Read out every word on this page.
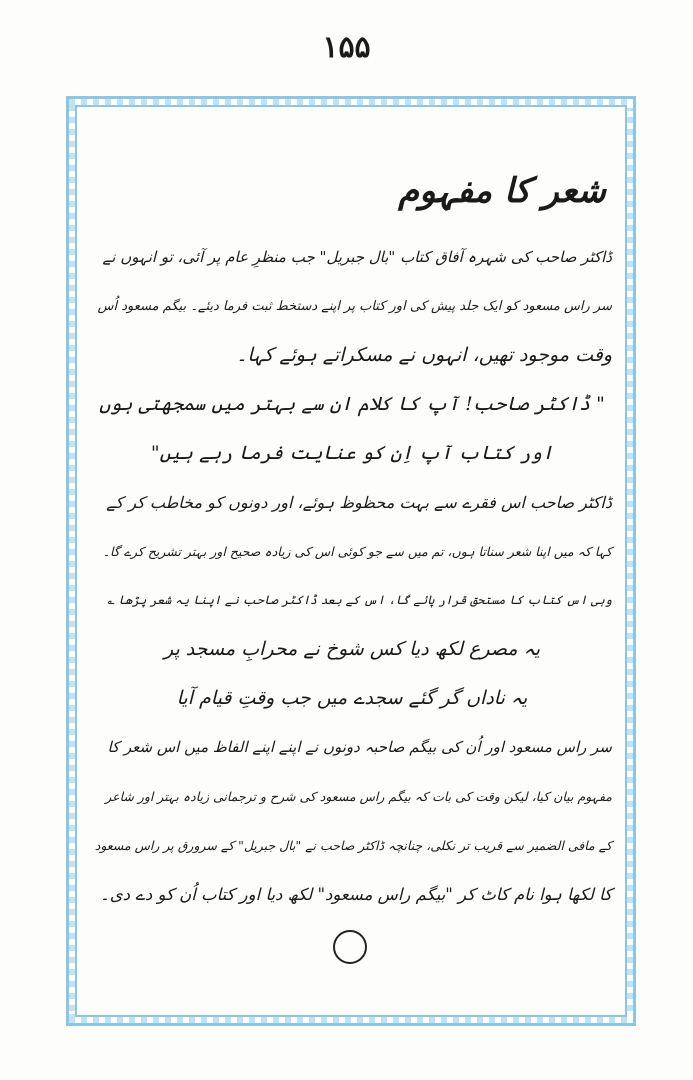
۱۵۵
شعر کا مفہوم
ڈاکٹر صاحب کی شہرہ آفاق کتاب "بال جبریل" جب منظرِ عام پر آئی، تو انہوں نے
سر راس مسعود کو ایک جلد پیش کی اور کتاب پر اپنے دستخط ثبت فرما دیئے۔ بیگم مسعود اُس
وقت موجود تھیں، انہوں نے مسکراتے ہوئے کہا۔
" ڈاکٹر صاحب! آپ کا کلام ان سے بہتر میں سمجھتی ہوں
اور کتاب آپ اِن کو عنایت فرما رہے ہیں"
ڈاکٹر صاحب اس فقرے سے بہت محظوظ ہوئے، اور دونوں کو مخاطب کر کے
کہا کہ میں اپنا شعر سناتا ہوں، تم میں سے جو کوئی اس کی زیادہ صحیح اور بہتر تشریح کرے گا۔
وہی اس کتاب کا مستحق قرار پائے گا، اس کے بعد ڈاکٹر صاحب نے اپنا یہ شعر پڑھا ؎
یہ مصرع لکھ دیا کس شوخ نے محرابِ مسجد پر
یہ ناداں گر گئے سجدے میں جب وقتِ قیام آیا
سر راس مسعود اور اُن کی بیگم صاحبہ دونوں نے اپنے اپنے الفاظ میں اس شعر کا
مفہوم بیان کیا، لیکن وقت کی بات کہ بیگم راس مسعود کی شرح و ترجمانی زیادہ بہتر اور شاعر
کے مافی الضمیر سے قریب تر نکلی، چنانچہ ڈاکٹر صاحب نے "بال جبریل" کے سرورق پر راس مسعود
کا لکھا ہوا نام کاٹ کر "بیگم راس مسعود" لکھ دیا اور کتاب اُن کو دے دی۔
